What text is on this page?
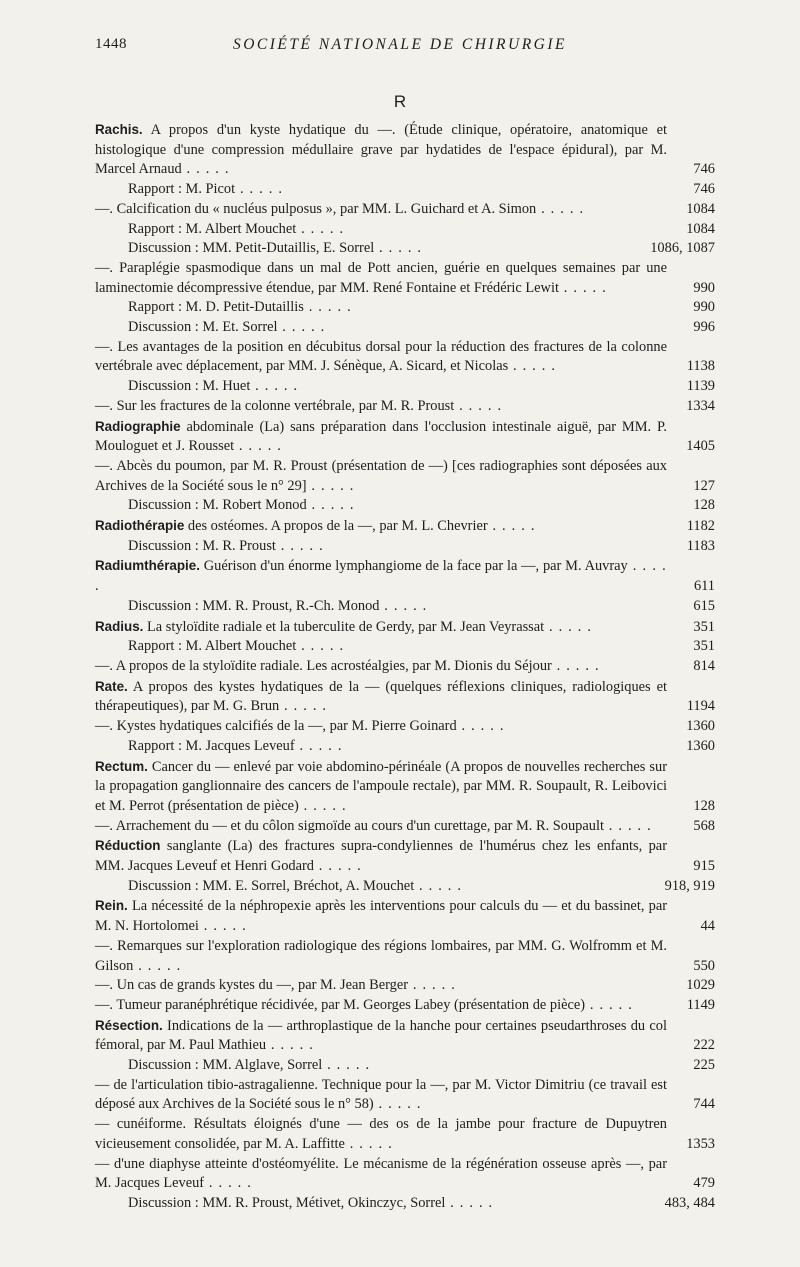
1448	SOCIÉTÉ NATIONALE DE CHIRURGIE
R
Rachis. A propos d'un kyste hydatique du —. (Étude clinique, opératoire, anatomique et histologique d'une compression médullaire grave par hydatides de l'espace épidural), par M. Marcel Arnaud . . . . .	746
Rapport : M. Picot . . . . .	746
—. Calcification du « nucléus pulposus », par MM. L. Guichard et A. Simon . . . . .	1084
Rapport : M. Albert Mouchet . . . . .	1084
Discussion : MM. Petit-Dutaillis, E. Sorrel . . . . .	1086, 1087
—. Paraplégie spasmodique dans un mal de Pott ancien, guérie en quelques semaines par une laminectomie décompressive étendue, par MM. René Fontaine et Frédéric Lewit . . . . .	990
Rapport : M. D. Petit-Dutaillis . . . . .	990
Discussion : M. Et. Sorrel . . . . .	996
—. Les avantages de la position en décubitus dorsal pour la réduction des fractures de la colonne vertébrale avec déplacement, par MM. J. Sénèque, A. Sicard, et Nicolas . . . . .	1138
Discussion : M. Huet . . . . .	1139
—. Sur les fractures de la colonne vertébrale, par M. R. Proust . . . . .	1334
Radiographie abdominale (La) sans préparation dans l'occlusion intestinale aiguë, par MM. P. Mouloguet et J. Rousset . . . . .	1405
—. Abcès du poumon, par M. R. Proust (présentation de —) [ces radiographies sont déposées aux Archives de la Société sous le n° 29] . . . . .	127
Discussion : M. Robert Monod . . . . .	128
Radiothérapie des ostéomes. A propos de la —, par M. L. Chevrier . . . . .	1182
Discussion : M. R. Proust . . . . .	1183
Radiumthérapie. Guérison d'un énorme lymphangiome de la face par la —, par M. Auvray . . . . .	611
Discussion : MM. R. Proust, R.-Ch. Monod . . . . .	615
Radius. La styloïdite radiale et la tuberculite de Gerdy, par M. Jean Veyrassat . . . . .	351
Rapport : M. Albert Mouchet . . . . .	351
—. A propos de la styloïdite radiale. Les acrostéalgies, par M. Dionis du Séjour . . . . .	814
Rate. A propos des kystes hydatiques de la — (quelques réflexions cliniques, radiologiques et thérapeutiques), par M. G. Brun . . . . .	1194
—. Kystes hydatiques calcifiés de la —, par M. Pierre Goinard . . . . .	1360
Rapport : M. Jacques Leveuf . . . . .	1360
Rectum. Cancer du — enlevé par voie abdomino-périnéale (A propos de nouvelles recherches sur la propagation ganglionnaire des cancers de l'ampoule rectale), par MM. R. Soupault, R. Leibovici et M. Perrot (présentation de pièce) . . . . .	128
—. Arrachement du — et du côlon sigmoïde au cours d'un curettage, par M. R. Soupault . . . . .	568
Réduction sanglante (La) des fractures supra-condyliennes de l'humérus chez les enfants, par MM. Jacques Leveuf et Henri Godard . . . . .	915
Discussion : MM. E. Sorrel, Bréchot, A. Mouchet . . . . .	918, 919
Rein. La nécessité de la néphropexie après les interventions pour calculs du — et du bassinet, par M. N. Hortolomei . . . . .	44
—. Remarques sur l'exploration radiologique des régions lombaires, par MM. G. Wolfromm et M. Gilson . . . . .	550
—. Un cas de grands kystes du —, par M. Jean Berger . . . . .	1029
—. Tumeur paranéphrétique récidivée, par M. Georges Labey (présentation de pièce) . . . . .	1149
Résection. Indications de la — arthroplastique de la hanche pour certaines pseudarthroses du col fémoral, par M. Paul Mathieu . . . . .	222
Discussion : MM. Alglave, Sorrel . . . . .	225
— de l'articulation tibio-astragalienne. Technique pour la —, par M. Victor Dimitriu (ce travail est déposé aux Archives de la Société sous le n° 58) . . . . .	744
— cunéiforme. Résultats éloignés d'une — des os de la jambe pour fracture de Dupuytren vicieusement consolidée, par M. A. Laffitte . . . . .	1353
— d'une diaphyse atteinte d'ostéomyélite. Le mécanisme de la régénération osseuse après —, par M. Jacques Leveuf . . . . .	479
Discussion : MM. R. Proust, Métivet, Okinczyc, Sorrel . . . . .	483, 484
